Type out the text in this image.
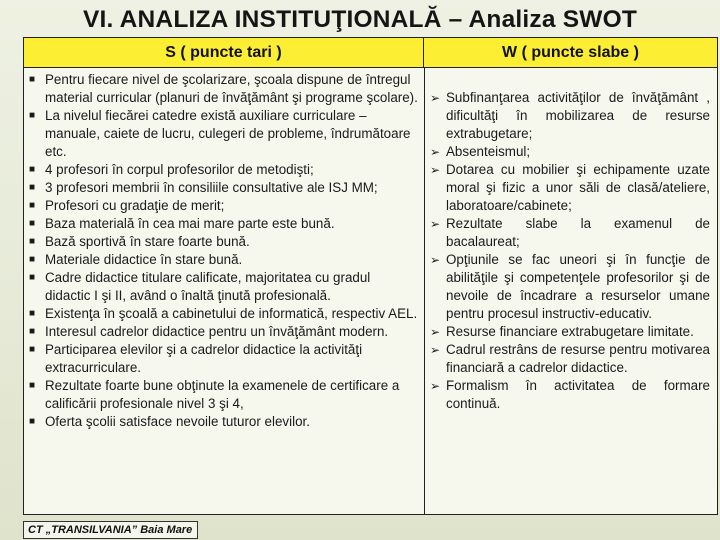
VI. ANALIZA INSTITUŢIONALĂ – Analiza SWOT
S ( puncte tari )	W ( puncte slabe )
■ Pentru fiecare nivel de şcolarizare, şcoala dispune de întregul material curricular (planuri de învăţământ şi programe şcolare).
■ La nivelul fiecărei catedre există auxiliare curriculare – manuale, caiete de lucru, culegeri de probleme, îndrumătoare etc.
■ 4 profesori în corpul profesorilor de metodişti;
■ 3 profesori membrii în consiliile consultative ale ISJ MM;
■ Profesori cu gradaţie de merit;
■ Baza materială în cea mai mare parte este bună.
■ Bază sportivă în stare foarte bună.
■ Materiale didactice în stare bună.
■ Cadre didactice titulare calificate, majoritatea cu gradul didactic I şi II, având o înaltă ţinută profesională.
■ Existenţa în şcoală a cabinetului de informatică, respectiv AEL.
■ Interesul cadrelor didactice pentru un învăţământ modern.
■ Participarea elevilor şi a cadrelor didactice la activităţi extracurriculare.
■ Rezultate foarte bune obţinute la examenele de certificare a calificării profesionale nivel 3 şi 4,
■ Oferta şcolii satisface nevoile tuturor elevilor.
➢ Subfinanţarea activităţilor de învăţământ , dificultăţi în mobilizarea de resurse extrabugetare;
➢ Absenteismul;
➢ Dotarea cu mobilier şi echipamente uzate moral şi fizic a unor săli de clasă/ateliere, laboratoare/cabinete;
➢ Rezultate slabe la examenul de bacalaureat;
➢ Opţiunile se fac uneori şi în funcţie de abilităţile şi competenţele profesorilor şi de nevoile de încadrare a resurselor umane pentru procesul instructiv-educativ.
➢ Resurse financiare extrabugetare limitate.
➢ Cadrul restrâns de resurse pentru motivarea financiară a cadrelor didactice.
➢ Formalism în activitatea de formare continuă.
CT „TRANSILVANIA” Baia Mare
